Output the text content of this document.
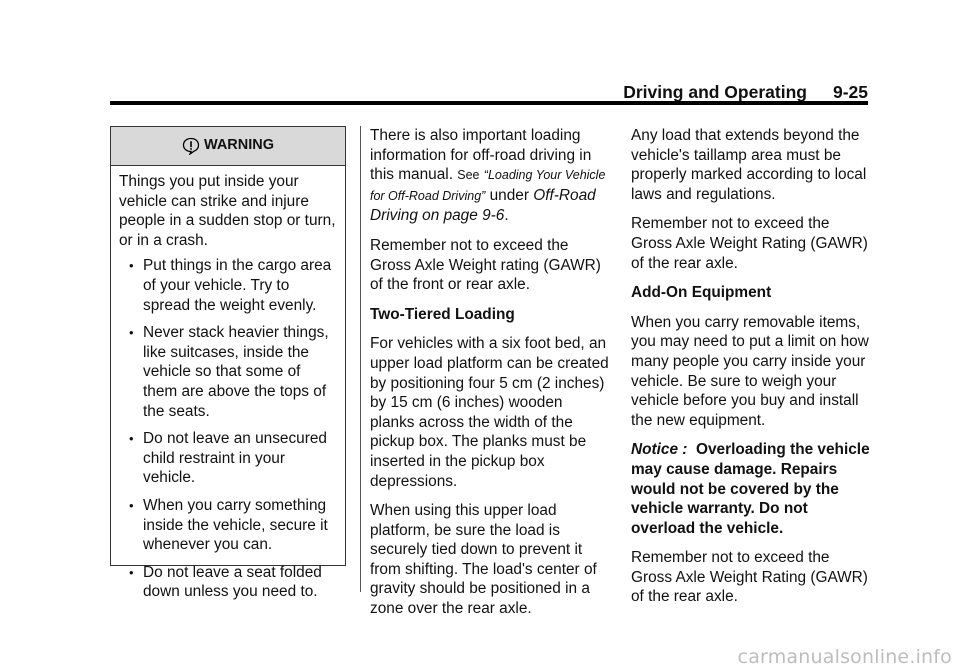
Driving and Operating 9-25
WARNING

Things you put inside your vehicle can strike and injure people in a sudden stop or turn, or in a crash.

• Put things in the cargo area of your vehicle. Try to spread the weight evenly.
• Never stack heavier things, like suitcases, inside the vehicle so that some of them are above the tops of the seats.
• Do not leave an unsecured child restraint in your vehicle.
• When you carry something inside the vehicle, secure it whenever you can.
• Do not leave a seat folded down unless you need to.

There is also important loading information for off-road driving in this manual. See “Loading Your Vehicle for Off-Road Driving” under Off-Road Driving on page 9-6.

Remember not to exceed the Gross Axle Weight rating (GAWR) of the front or rear axle.

Two-Tiered Loading

For vehicles with a six foot bed, an upper load platform can be created by positioning four 5 cm (2 inches) by 15 cm (6 inches) wooden planks across the width of the pickup box. The planks must be inserted in the pickup box depressions.

When using this upper load platform, be sure the load is securely tied down to prevent it from shifting. The load's center of gravity should be positioned in a zone over the rear axle.

Any load that extends beyond the vehicle's taillamp area must be properly marked according to local laws and regulations.

Remember not to exceed the Gross Axle Weight Rating (GAWR) of the rear axle.

Add-On Equipment

When you carry removable items, you may need to put a limit on how many people you carry inside your vehicle. Be sure to weigh your vehicle before you buy and install the new equipment.

Notice : Overloading the vehicle may cause damage. Repairs would not be covered by the vehicle warranty. Do not overload the vehicle.

Remember not to exceed the Gross Axle Weight Rating (GAWR) of the rear axle.

carmanualsonline.info
